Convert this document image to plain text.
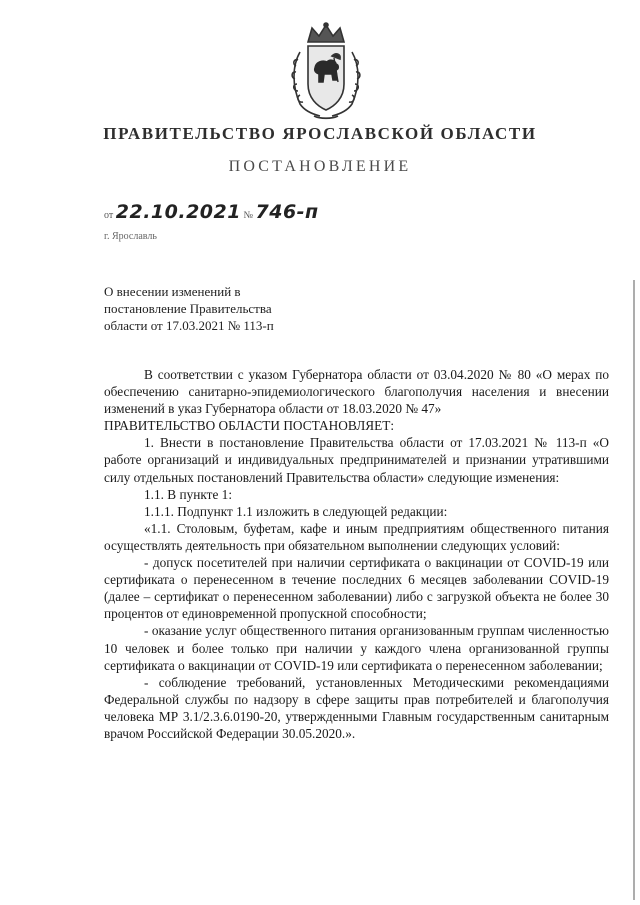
ПРАВИТЕЛЬСТВО ЯРОСЛАВСКОЙ ОБЛАСТИ
ПОСТАНОВЛЕНИЕ
от 22.10.2021 № 746-п
г. Ярославль
О внесении изменений в
постановление Правительства
области от 17.03.2021 № 113-п

В соответствии с указом Губернатора области от 03.04.2020 № 80 «О мерах по обеспечению санитарно-эпидемиологического благополучия населения и внесении изменений в указ Губернатора области от 18.03.2020 № 47»

ПРАВИТЕЛЬСТВО ОБЛАСТИ ПОСТАНОВЛЯЕТ:

1. Внести в постановление Правительства области от 17.03.2021 № 113-п «О работе организаций и индивидуальных предпринимателей и признании утратившими силу отдельных постановлений Правительства области» следующие изменения:

1.1. В пункте 1:

1.1.1. Подпункт 1.1 изложить в следующей редакции:

«1.1. Столовым, буфетам, кафе и иным предприятиям общественного питания осуществлять деятельность при обязательном выполнении следующих условий:

- допуск посетителей при наличии сертификата о вакцинации от COVID-19 или сертификата о перенесенном в течение последних 6 месяцев заболевании COVID-19 (далее – сертификат о перенесенном заболевании) либо с загрузкой объекта не более 30 процентов от единовременной пропускной способности;

- оказание услуг общественного питания организованным группам численностью 10 человек и более только при наличии у каждого члена организованной группы сертификата о вакцинации от COVID-19 или сертификата о перенесенном заболевании;

- соблюдение требований, установленных Методическими рекомендациями Федеральной службы по надзору в сфере защиты прав потребителей и благополучия человека МР 3.1/2.3.6.0190-20, утвержденными Главным государственным санитарным врачом Российской Федерации 30.05.2020.».
